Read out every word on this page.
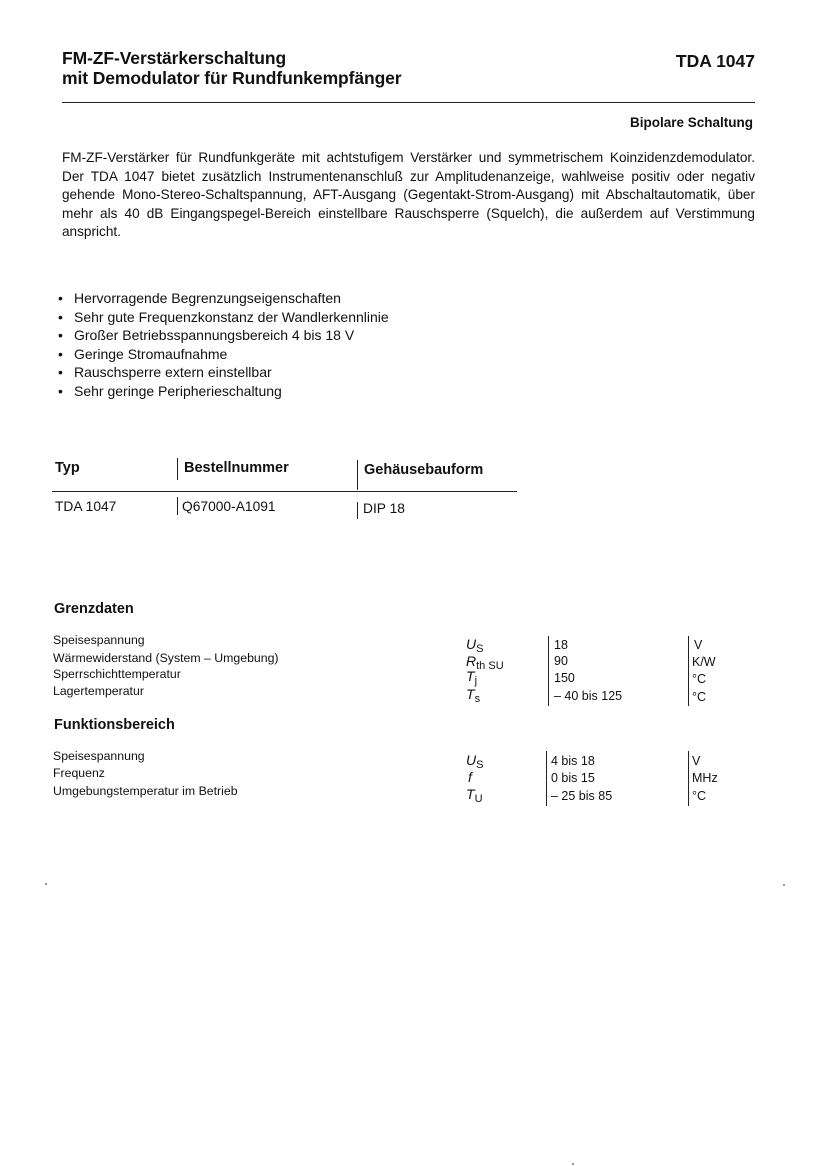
FM-ZF-Verstärkerschaltung
mit Demodulator für Rundfunkempfänger
TDA 1047
Bipolare Schaltung

FM-ZF-Verstärker für Rundfunkgeräte mit achtstufigem Verstärker und symmetrischem Koinzidenzdemodulator. Der TDA 1047 bietet zusätzlich Instrumentenanschluß zur Amplitudenanzeige, wahlweise positiv oder negativ gehende Mono-Stereo-Schaltspannung, AFT-Ausgang (Gegentakt-Strom-Ausgang) mit Abschaltautomatik, über mehr als 40 dB Eingangspegel-Bereich einstellbare Rauschsperre (Squelch), die außerdem auf Verstimmung anspricht.

• Hervorragende Begrenzungseigenschaften
• Sehr gute Frequenzkonstanz der Wandlerkennlinie
• Großer Betriebsspannungsbereich 4 bis 18 V
• Geringe Stromaufnahme
• Rauschsperre extern einstellbar
• Sehr geringe Peripherieschaltung
Typ	Bestellnummer	Gehäusebauform
TDA 1047	Q67000-A1091	DIP 18
Grenzdaten
Speisespannung	$U_S$	18	V
Wärmewiderstand (System – Umgebung)	$R_{th SU}$	90	K/W
Sperrschichttemperatur	$T_j$	150	°C
Lagertemperatur	$T_s$	– 40 bis 125	°C
Funktionsbereich
Speisespannung	$U_S$	4 bis 18	V
Frequenz	f	0 bis 15	MHz
Umgebungstemperatur im Betrieb	$T_U$	– 25 bis 85	°C
